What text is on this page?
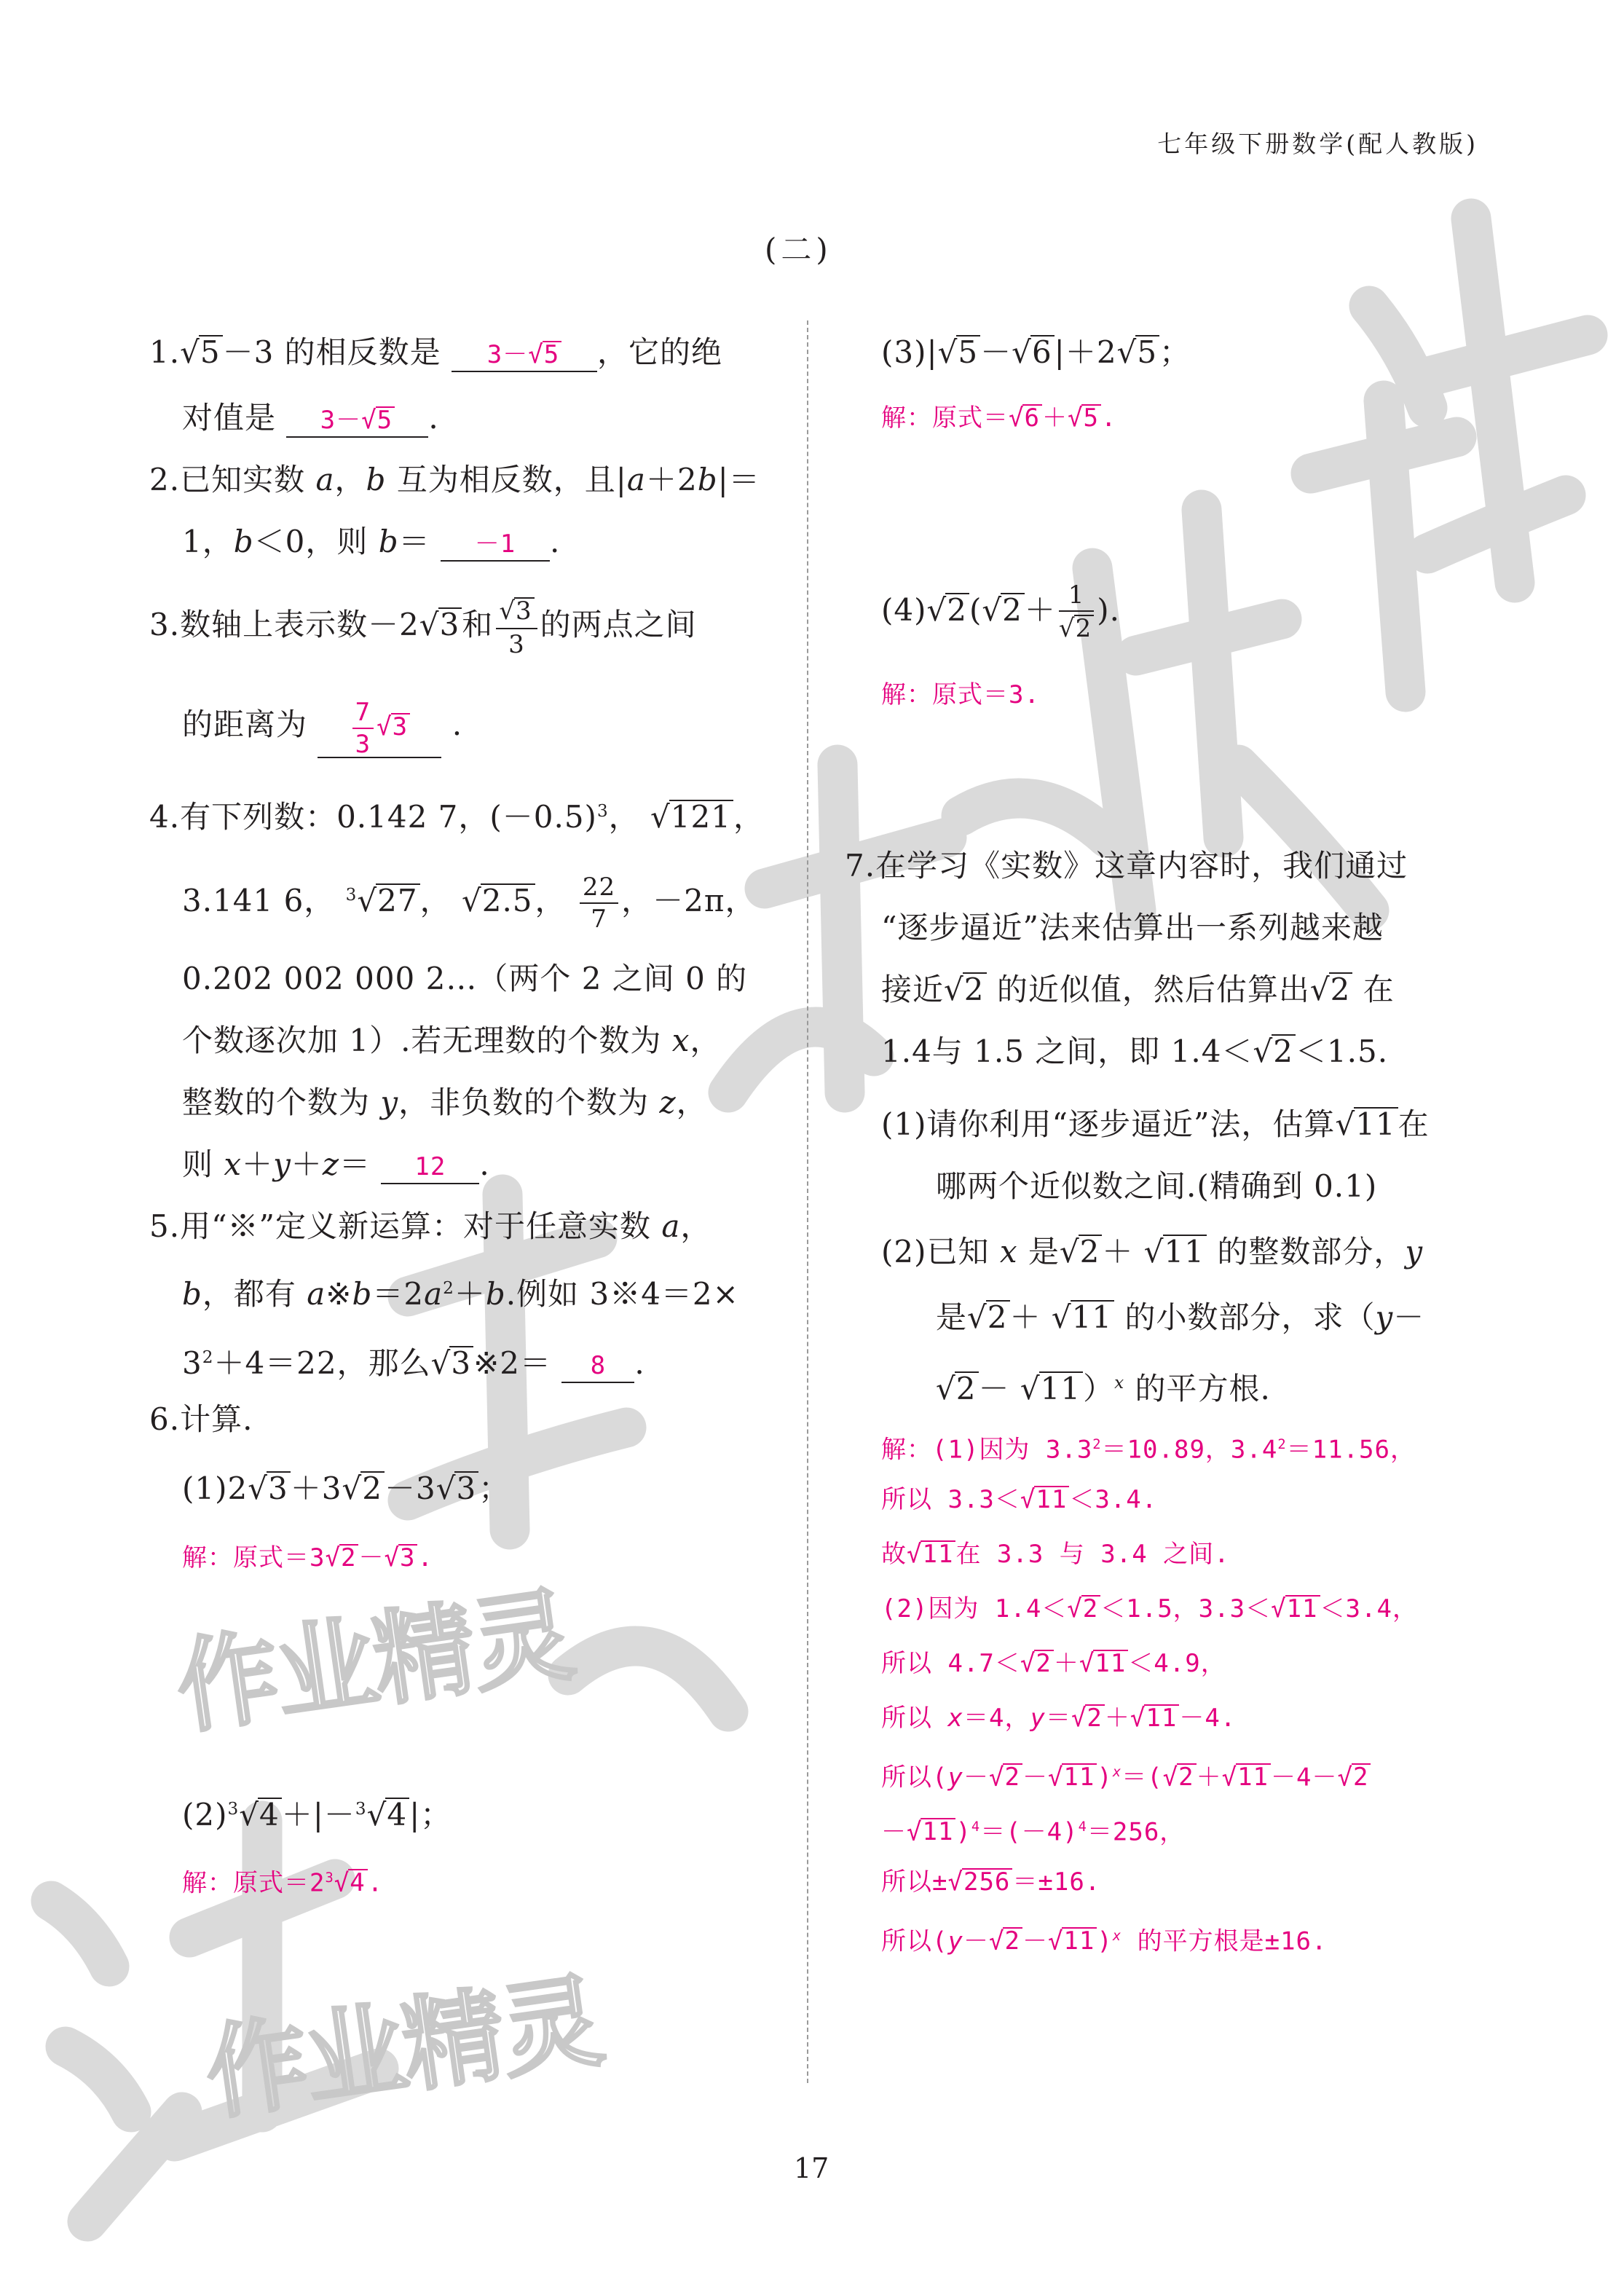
作业精灵
作业精灵
七年级下册数学(配人教版)
(二)
1.√5－3 的相反数是 3－√5 ，它的绝
对值是 3－√5 .
2.已知实数 a，b 互为相反数，且|a＋2b|＝
1，b＜0，则 b＝ －1 .
3.数轴上表示数－2√3和 $\frac{√3}{3}$ 的两点之间
的距离为 $\frac{7}{3} √3$ .
4.有下列数：0.142 7，$(-0.5)^3$， √121，
3.141 6， $^3$√27， √2.5， $\frac{22}{7}$ ，－2π，
0.202 002 000 2…（两个 2 之间 0 的
个数逐次加 1）.若无理数的个数为 x，
整数的个数为 y，非负数的个数为 z，
则 x＋y＋z＝ 12 .
5.用“※”定义新运算：对于任意实数 a，
b，都有 $a※b=2a^2+b$.例如 3※4＝2×
$3^2+4=22$，那么√3※2＝ 8 .
6.计算.
(1)2√3＋3√2－3√3；
解：原式＝3√2－√3.
$(2)^3√4+|-^3√4|$；
解：原式$=2^3√4$.
(3)|√5－√6|＋2√5；
解：原式＝√6＋√5.
$(4)√2(√2+ \frac{1}{√2}$ ).
解：原式＝3.
7.在学习《实数》这章内容时，我们通过
“逐步逼近”法来估算出一系列越来越
接近√2 的近似值，然后估算出√2 在
1.4与 1.5 之间，即 1.4＜√2＜1.5.
(1)请你利用“逐步逼近”法，估算√11在
哪两个近似数之间.(精确到 0.1)
(2)已知 x 是√2＋ √11 的整数部分，y
是√2＋ √11 的小数部分，求（y－
√2－ √11）$^x$ 的平方根.
解：(1)因为 $3.3^2=10.89$，$3.4^2=11.56$，
所以 3.3＜√11＜3.4.
故√11在 3.3 与 3.4 之间.
(2)因为 1.4＜√2＜1.5，3.3＜√11＜3.4，
所以 4.7＜√2＋√11＜4.9，
所以 x＝4，y＝√2＋√11－4.
所以$(y-√2-√11)^x=(√2+√11-4-√2$
$-√11)^4=(-4)^4=256$，
所以±√256＝±16.
所以$(y-√2-√11)^x$ 的平方根是±16.
17
